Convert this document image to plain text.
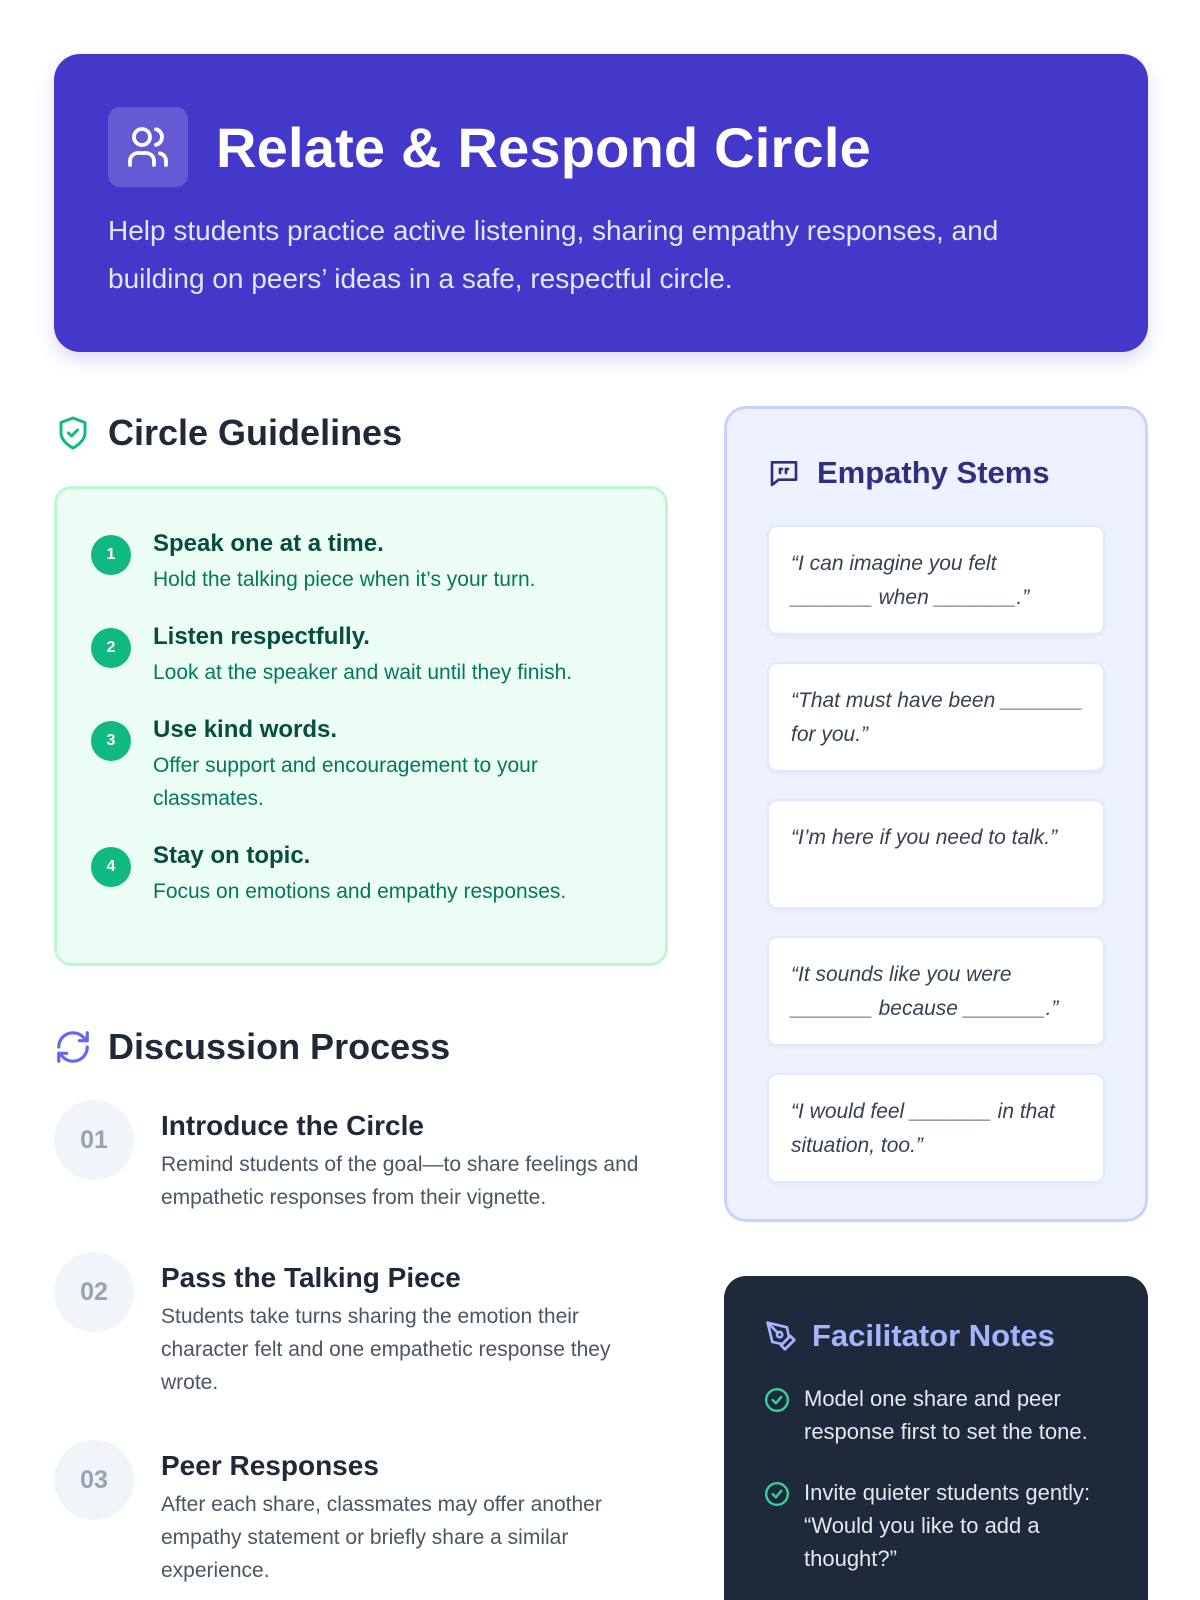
Relate & Respond Circle
Help students practice active listening, sharing empathy responses, and building on peers’ ideas in a safe, respectful circle.
Circle Guidelines
1	Speak one at a time.
Hold the talking piece when it’s your turn.
2	Listen respectfully.
Look at the speaker and wait until they finish.
3	Use kind words.
Offer support and encouragement to your classmates.
4	Stay on topic.
Focus on emotions and empathy responses.
Discussion Process
01	Introduce the Circle
Remind students of the goal—to share feelings and empathetic responses from their vignette.
02	Pass the Talking Piece
Students take turns sharing the emotion their character felt and one empathetic response they wrote.
03	Peer Responses
After each share, classmates may offer another empathy statement or briefly share a similar experience.
Empathy Stems
“I can imagine you felt _______ when _______.”
“That must have been _______ for you.”
“I’m here if you need to talk.”
“It sounds like you were _______ because _______.”
“I would feel _______ in that situation, too.”
Facilitator Notes
Model one share and peer response first to set the tone.
Invite quieter students gently: “Would you like to add a thought?”
